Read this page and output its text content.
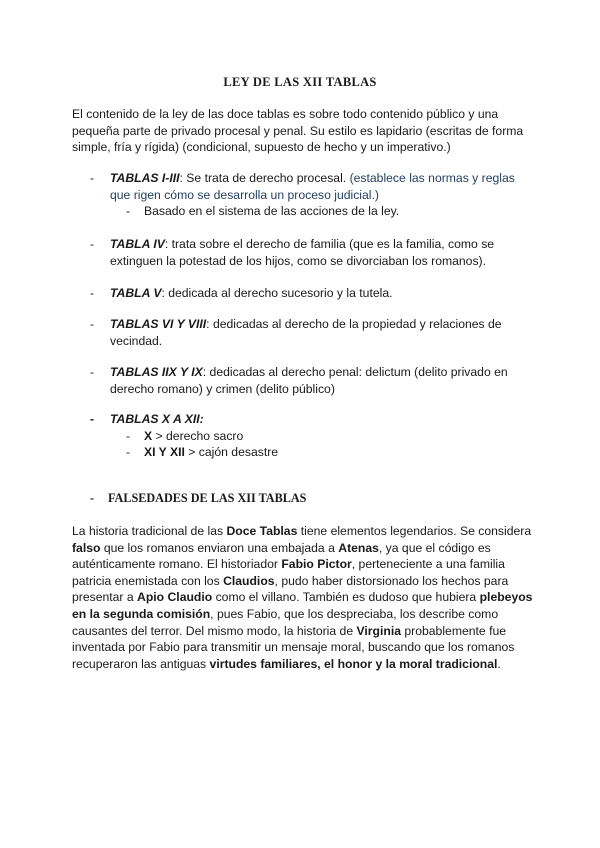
LEY DE LAS XII TABLAS
El contenido de la ley de las doce tablas es sobre todo contenido público y una pequeña parte de privado procesal y penal. Su estilo es lapidario (escritas de forma simple, fría y rígida) (condicional, supuesto de hecho y un imperativo.)
- TABLAS I-III: Se trata de derecho procesal. (establece las normas y reglas que rigen cómo se desarrolla un proceso judicial.)
- Basado en el sistema de las acciones de la ley.
- TABLA IV: trata sobre el derecho de familia (que es la familia, como se extinguen la potestad de los hijos, como se divorciaban los romanos).
- TABLA V: dedicada al derecho sucesorio y la tutela.
- TABLAS VI Y VIII: dedicadas al derecho de la propiedad y relaciones de vecindad.
- TABLAS IIX Y IX: dedicadas al derecho penal: delictum (delito privado en derecho romano) y crimen (delito público)
- TABLAS X A XII:
- X > derecho sacro
- XI Y XII > cajón desastre
- FALSEDADES DE LAS XII TABLAS
La historia tradicional de las Doce Tablas tiene elementos legendarios. Se considera falso que los romanos enviaron una embajada a Atenas, ya que el código es auténticamente romano. El historiador Fabio Pictor, perteneciente a una familia patricia enemistada con los Claudios, pudo haber distorsionado los hechos para presentar a Apio Claudio como el villano. También es dudoso que hubiera plebeyos en la segunda comisión, pues Fabio, que los despreciaba, los describe como causantes del terror. Del mismo modo, la historia de Virginia probablemente fue inventada por Fabio para transmitir un mensaje moral, buscando que los romanos recuperaron las antiguas virtudes familiares, el honor y la moral tradicional.
